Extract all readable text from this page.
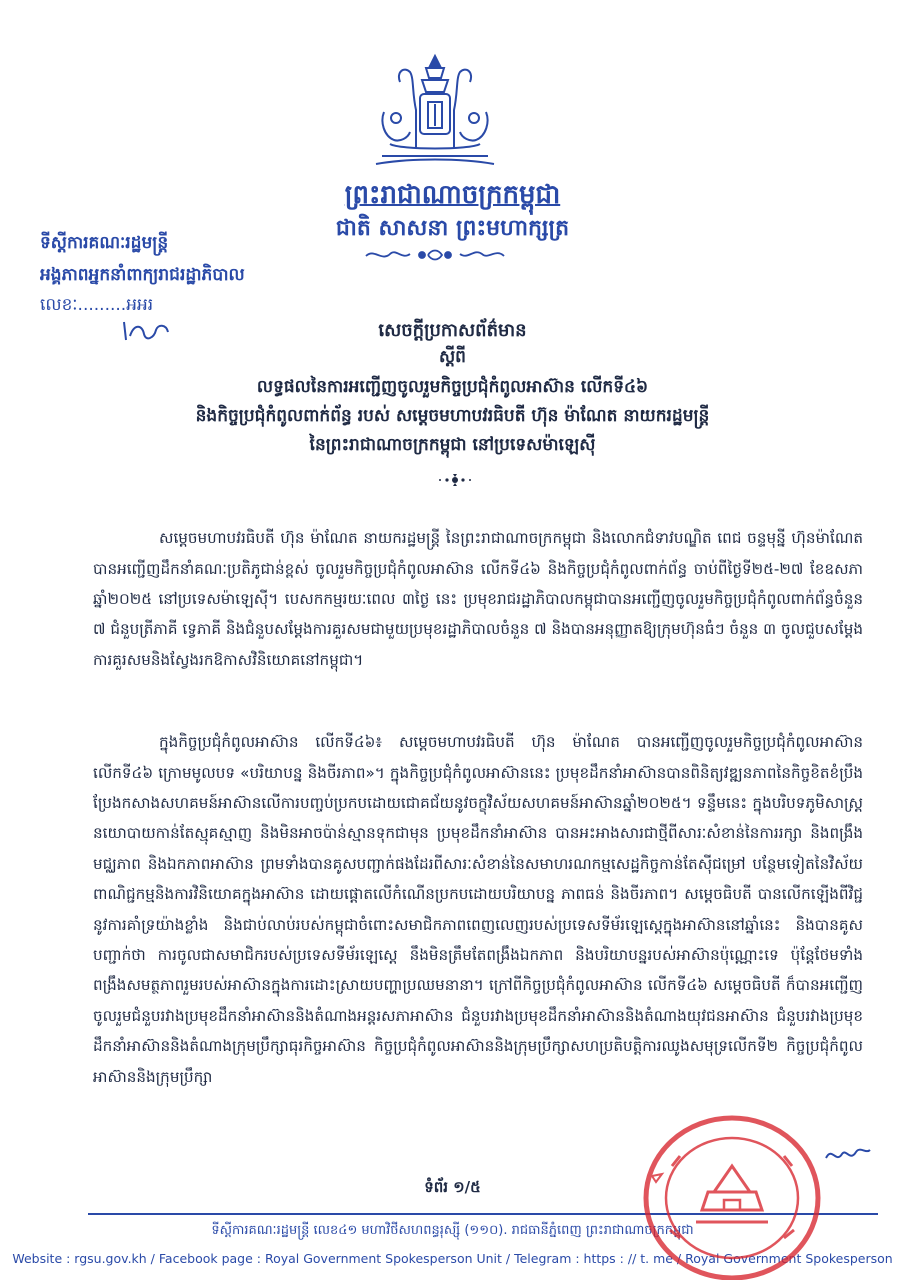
ព្រះរាជាណាចក្រកម្ពុជា
ជាតិ សាសនា ព្រះមហាក្សត្រ
ទីស្ដីការគណៈរដ្ឋមន្ត្រី
អង្គភាពអ្នកនាំពាក្យរាជរដ្ឋាភិបាល
លេខៈ.........អអរ
សេចក្តីប្រកាសព័ត៌មាន
ស្តីពី
លទ្ធផលនៃការអញ្ជើញចូលរួមកិច្ចប្រជុំកំពូលអាស៊ាន លើកទី៤៦
និងកិច្ចប្រជុំកំពូលពាក់ព័ន្ធ របស់ សម្តេចមហាបវរធិបតី ហ៊ុន ម៉ាណែត នាយករដ្ឋមន្ត្រី
នៃព្រះរាជាណាចក្រកម្ពុជា នៅប្រទេសម៉ាឡេស៊ី

សម្តេចមហាបវរធិបតី ហ៊ុន ម៉ាណែត នាយករដ្ឋមន្ត្រី នៃព្រះរាជាណាចក្រកម្ពុជា និងលោកជំទាវបណ្ឌិត ពេជ ចន្ទមុន្នី ហ៊ុនម៉ាណែត បានអញ្ជើញដឹកនាំគណៈប្រតិភូជាន់ខ្ពស់ ចូលរួមកិច្ចប្រជុំកំពូលអាស៊ាន លើកទី៤៦ និងកិច្ចប្រជុំកំពូលពាក់ព័ន្ធ ចាប់ពីថ្ងៃទី២៥-២៧ ខែឧសភា ឆ្នាំ២០២៥ នៅប្រទេសម៉ាឡេស៊ី។ បេសកកម្មរយៈពេល ៣ថ្ងៃ នេះ ប្រមុខរាជរដ្ឋាភិបាលកម្ពុជាបានអញ្ជើញចូលរួមកិច្ចប្រជុំកំពូលពាក់ព័ន្ធចំនួន ៧ ជំនួបត្រីភាគី ទេ្វភាគី និងជំនួបសម្តែងការគួរសមជាមួយប្រមុខរដ្ឋាភិបាលចំនួន ៧ និងបានអនុញ្ញាតឱ្យក្រុមហ៊ុនធំៗ ចំនួន ៣ ចូលជួបសម្តែងការគួរសមនិងស្វែងរកឱកាសវិនិយោគនៅកម្ពុជា។

ក្នុងកិច្ចប្រជុំកំពូលអាស៊ាន លើកទី៤៦៖ សម្តេចមហាបវរធិបតី ហ៊ុន ម៉ាណែត បានអញ្ជើញចូលរួមកិច្ចប្រជុំកំពូលអាស៊ាន លើកទី៤៦ ក្រោមមូលបទ «បរិយាបន្ន និងចីរភាព»។ ក្នុងកិច្ចប្រជុំកំពូលអាស៊ាននេះ ប្រមុខដឹកនាំអាស៊ានបានពិនិត្យវឌ្ឍនភាពនៃកិច្ចខិតខំប្រឹងប្រែងកសាងសហគមន៍អាស៊ានលើការបញ្ចប់ប្រកបដោយជោគជ័យនូវចក្ខុវិស័យសហគមន៍អាស៊ានឆ្នាំ២០២៥។ ទន្ទឹមនេះ ក្នុងបរិបទភូមិសាស្ត្រនយោបាយកាន់តែស្មុគស្មាញ និងមិនអាចប៉ាន់ស្មានទុកជាមុន ប្រមុខដឹកនាំអាស៊ាន បានអះអាងសារជាថ្មីពីសារៈសំខាន់នៃការរក្សា និងពង្រឹងមជ្ឈភាព និងឯកភាពអាស៊ាន ព្រមទាំងបានគូសបញ្ជាក់ផងដែរពីសារៈសំខាន់នៃសមាហរណកម្មសេដ្ឋកិច្ចកាន់តែស៊ីជម្រៅ បន្ថែមទៀតនៃវិស័យពាណិជ្ជកម្មនិងការវិនិយោគក្នុងអាស៊ាន ដោយផ្តោតលើកំណើនប្រកបដោយបរិយាបន្ន ភាពធន់ និងចីរភាព។ សម្តេចធិបតី បានលើកឡើងពីវិជ្ជនូវការគាំទ្រយ៉ាងខ្លាំង និងជាប់លាប់របស់កម្ពុជាចំពោះសមាជិកភាពពេញលេញរបស់ប្រទេសទីម័រឡេស្តេក្នុងអាស៊ាននៅឆ្នាំនេះ និងបានគូសបញ្ជាក់ថា ការចូលជាសមាជិករបស់ប្រទេសទីម័រឡេស្តេ នឹងមិនត្រឹមតែពង្រឹងឯកភាព និងបរិយាបន្នរបស់អាស៊ានប៉ុណ្ណោះទេ ប៉ុន្តែថែមទាំងពង្រឹងសមត្ថភាពរួមរបស់អាស៊ានក្នុងការដោះស្រាយបញ្ហាប្រឈមនានា។ ក្រៅពីកិច្ចប្រជុំកំពូលអាស៊ាន លើកទី៤៦ សម្តេចធិបតី ក៏បានអញ្ជើញចូលរួមជំនួបរវាងប្រមុខដឹកនាំអាស៊ាននិងតំណាងអន្តរសភាអាស៊ាន ជំនួបរវាងប្រមុខដឹកនាំអាស៊ាននិងតំណាងយុវជនអាស៊ាន ជំនួបរវាងប្រមុខដឹកនាំអាស៊ាននិងតំណាងក្រុមប្រឹក្សាធុរកិច្ចអាស៊ាន កិច្ចប្រជុំកំពូលអាស៊ាននិងក្រុមប្រឹក្សាសហប្រតិបត្តិការឈូងសមុទ្រលើកទី២ កិច្ចប្រជុំកំពូលអាស៊ាននិងក្រុមប្រឹក្សា

ទំព័រ ១/៥
ទីស្តីការគណៈរដ្ឋមន្ត្រី លេខ៤១ មហាវិថីសហពន្ធរុស្ស៊ី (១១០). រាជធានីភ្នំពេញ ព្រះរាជាណាចក្រកម្ពុជា
Website : rgsu.gov.kh / Facebook page : Royal Government Spokesperson Unit / Telegram : https : // t. me / Royal Government Spokesperson
